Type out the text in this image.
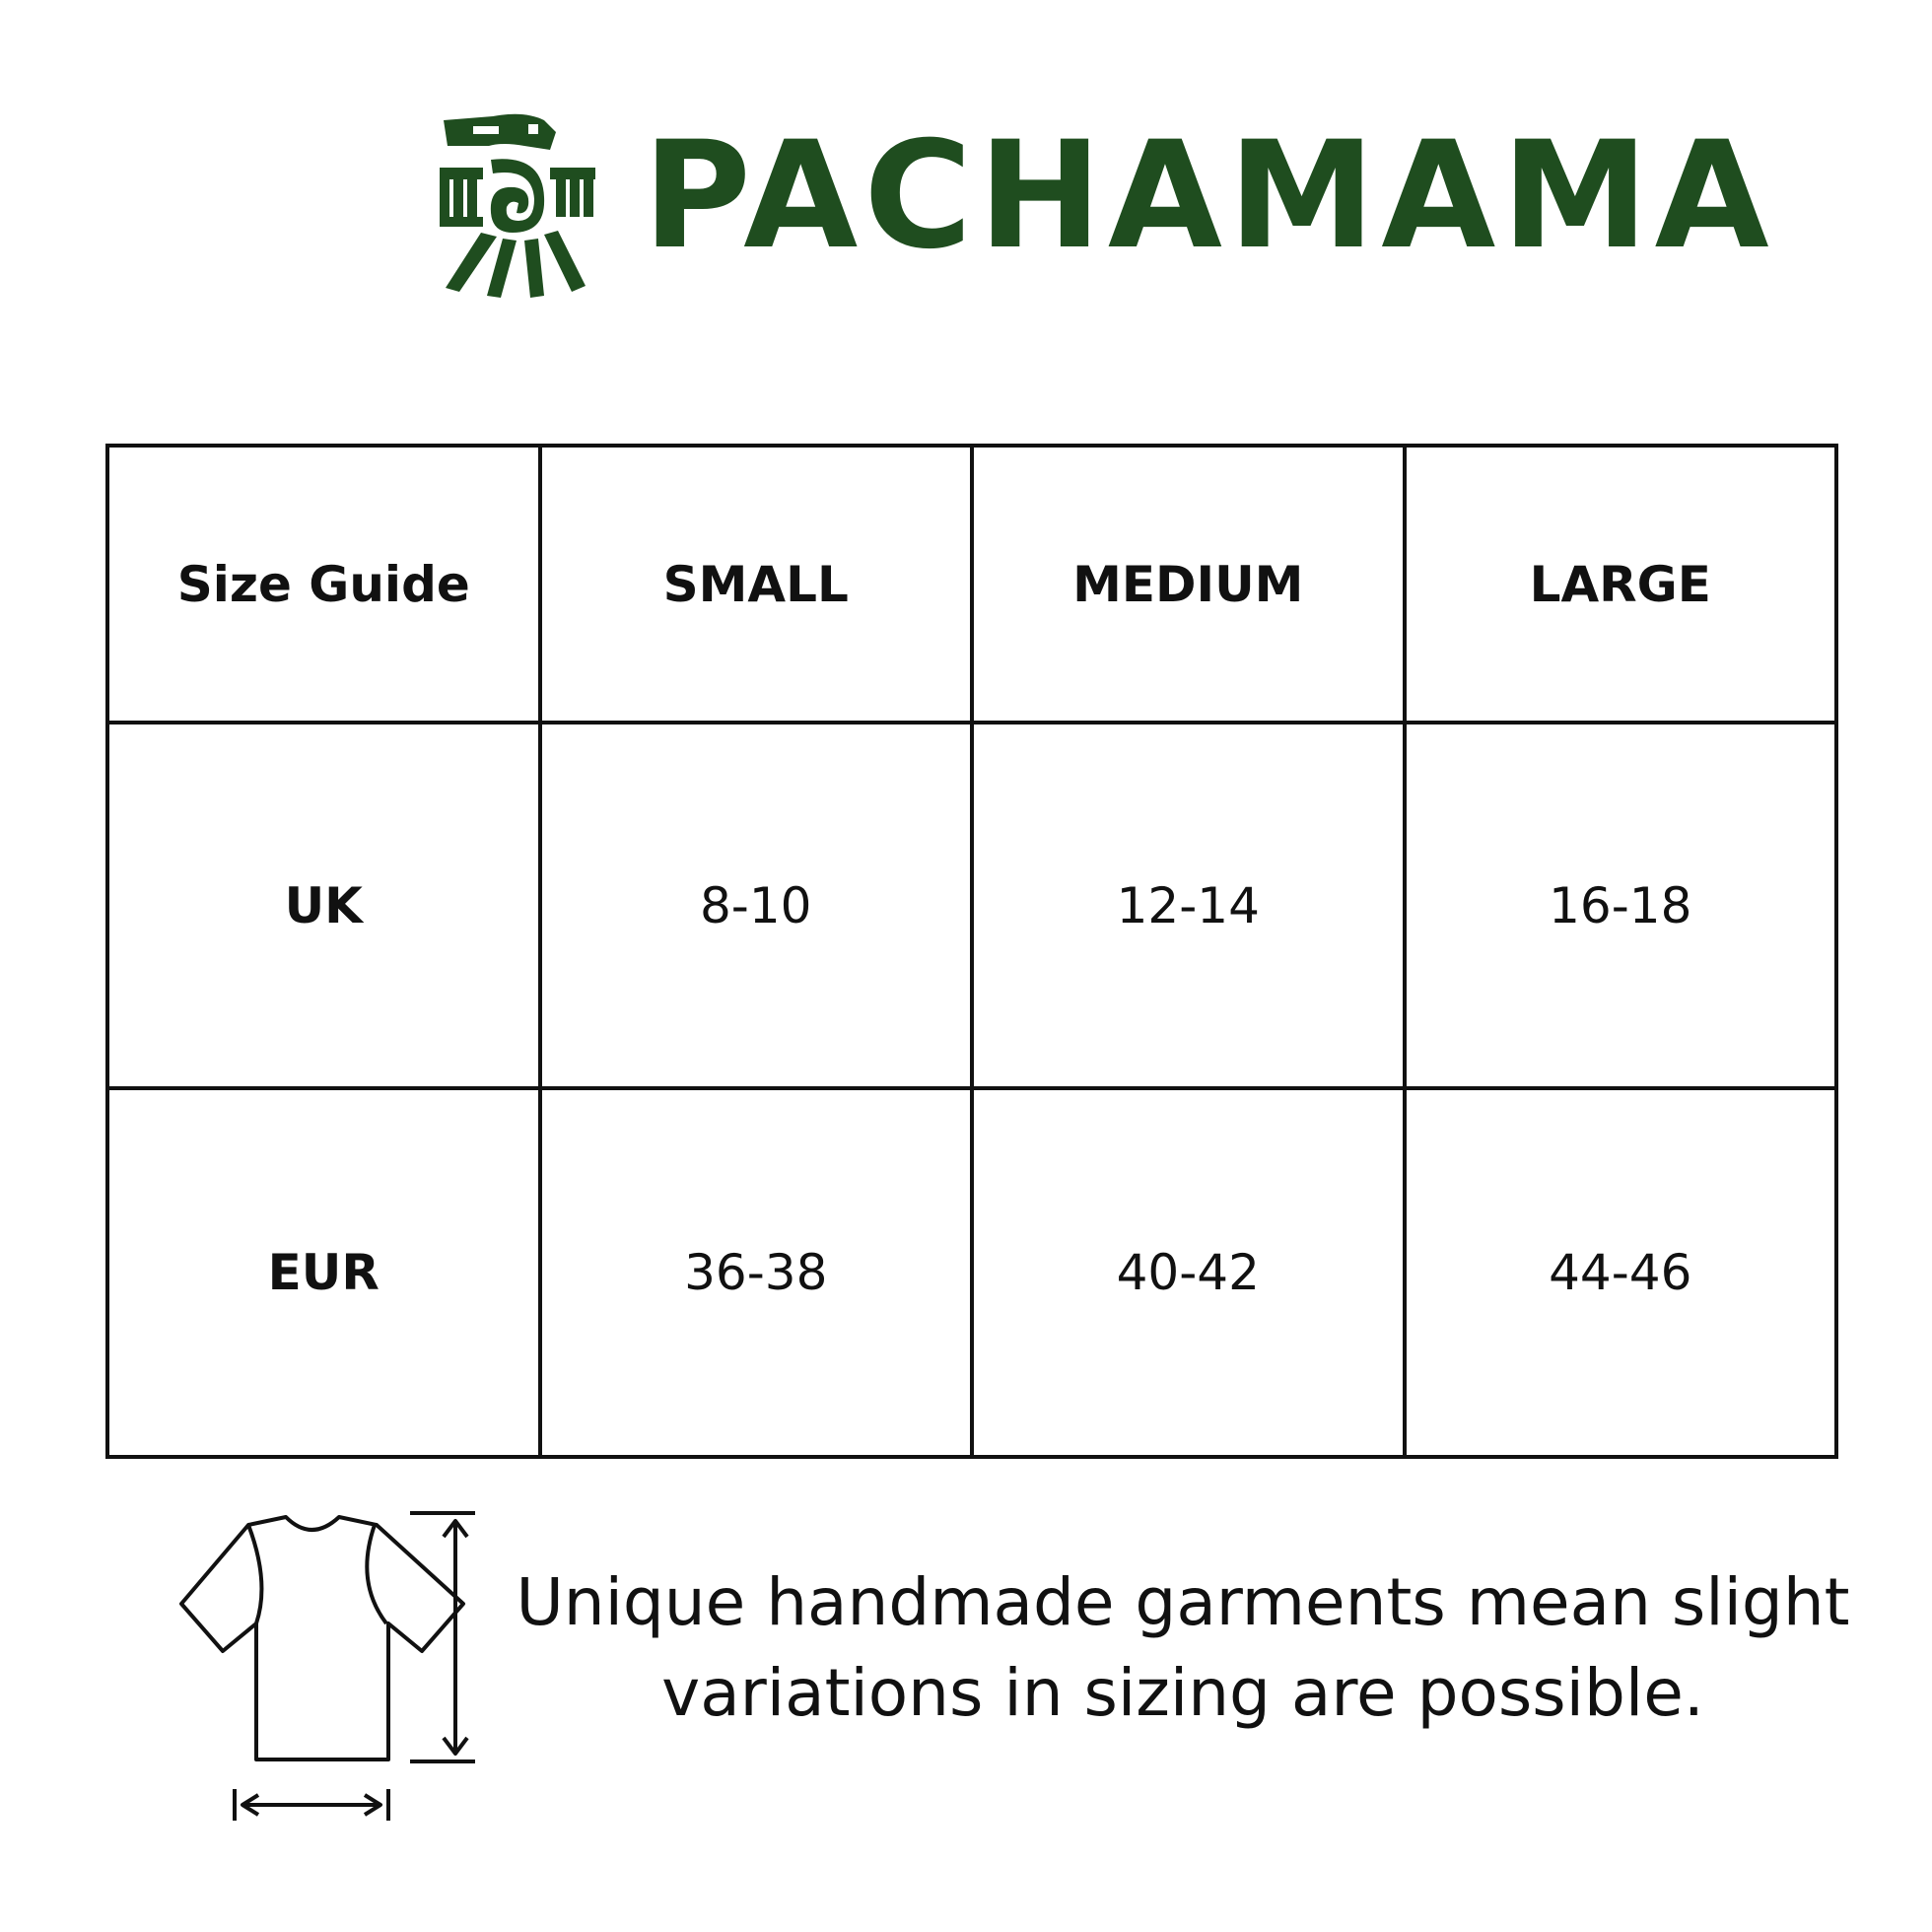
PACHAMAMA
Size Guide	SMALL	MEDIUM	LARGE
UK	8-10	12-14	16-18
EUR	36-38	40-42	44-46
Unique handmade garments mean slight
variations in sizing are possible.
